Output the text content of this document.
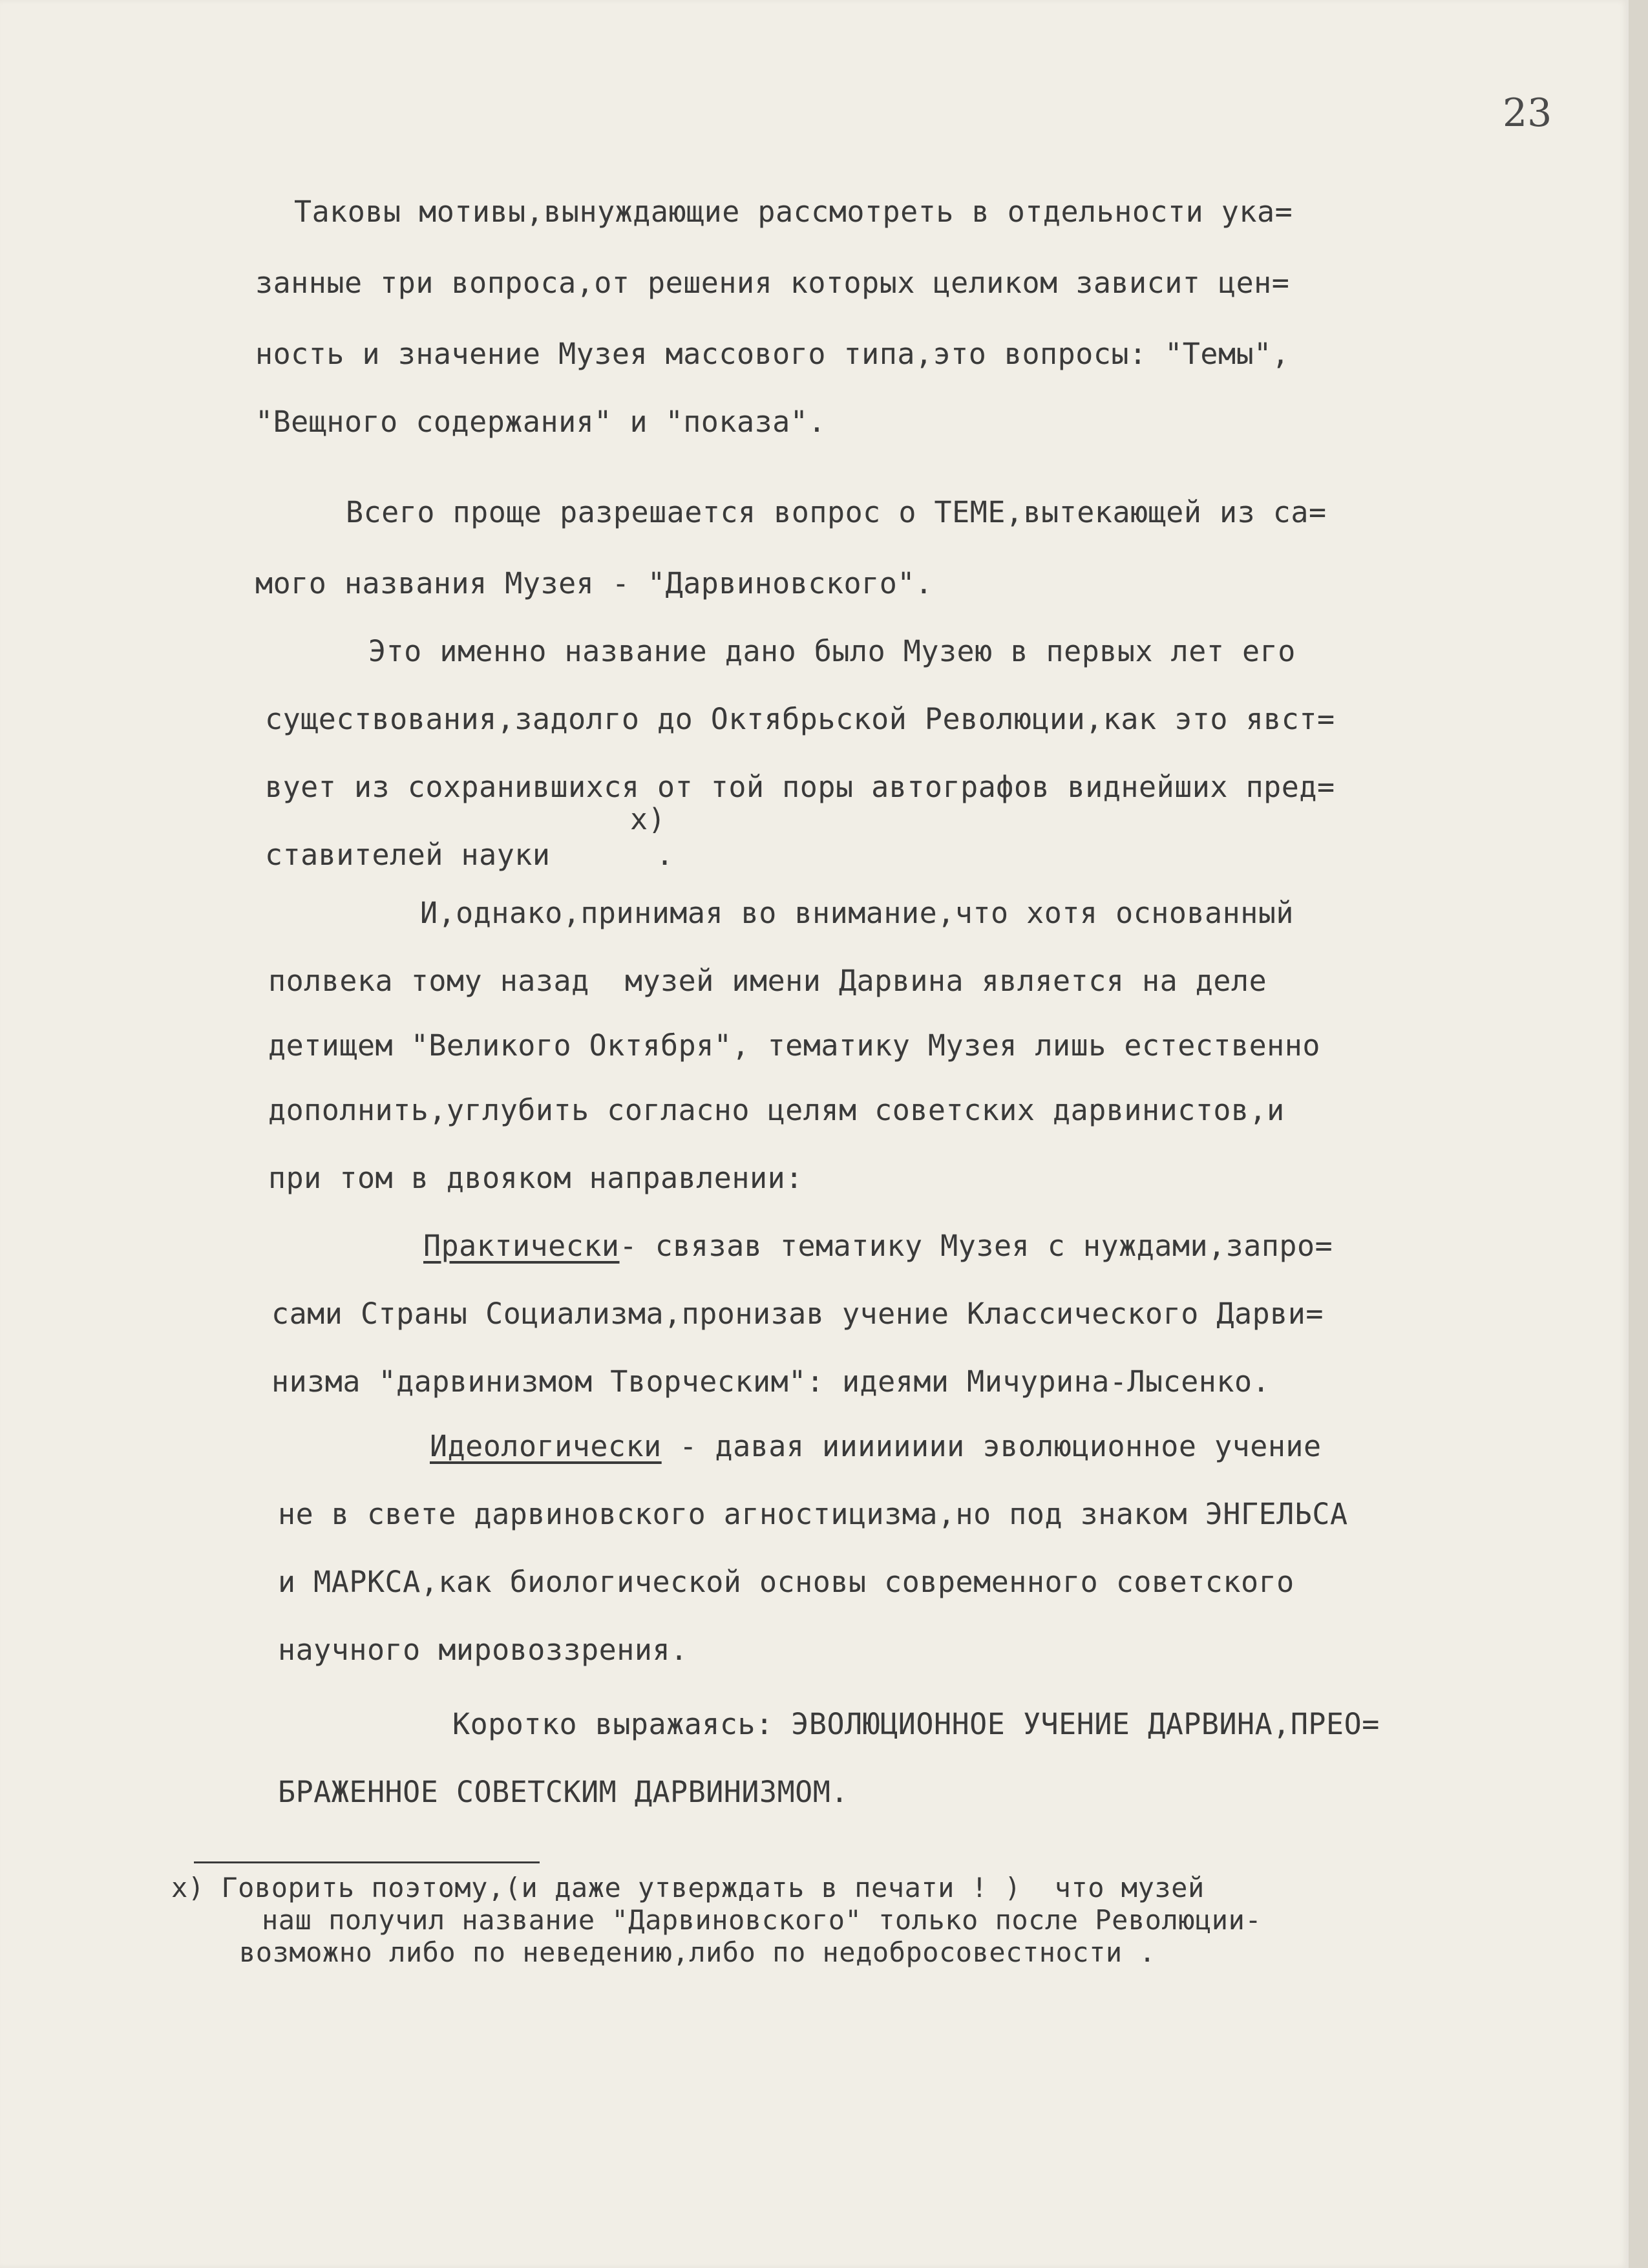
23

Таковы мотивы,вынуждающие рассмотреть в отдельности ука=

занные три вопроса,от решения которых целиком зависит цен=

ность и значение Музея массового типа,это вопросы: "Темы",

"Вещного содержания" и "показа".

Всего проще разрешается вопрос о ТЕМЕ,вытекающей из са=

мого названия Музея - "Дарвиновского".

Это именно название дано было Музею в первых лет его

существования,задолго до Октябрьской Революции,как это явст=

вует из сохранившихся от той поры автографов виднейших пред=

ставителей науки

х)

.

И,однако,принимая во внимание,что хотя основанный

полвека тому назад  музей имени Дарвина является на деле

детищем "Великого Октября", тематику Музея лишь естественно

дополнить,углубить согласно целям советских дарвинистов,и

при том в двояком направлении:

Практически- связав тематику Музея с нуждами,запро=

сами Страны Социализма,пронизав учение Классического Дарви=

низма "дарвинизмом Творческим": идеями Мичурина-Лысенко.

Идеологически - давая ииииииии эволюционное учение

не в свете дарвиновского агностицизма,но под знаком ЭНГЕЛЬСА

и МАРКСА,как биологической основы современного советского

научного мировоззрения.

Коротко выражаясь: ЭВОЛЮЦИОННОЕ УЧЕНИЕ ДАРВИНА,ПРЕО=

БРАЖЕННОЕ СОВЕТСКИМ ДАРВИНИЗМОМ.

х) Говорить поэтому,(и даже утверждать в печати ! )  что музей

наш получил название "Дарвиновского" только после Революции-

возможно либо по неведению,либо по недобросовестности .
